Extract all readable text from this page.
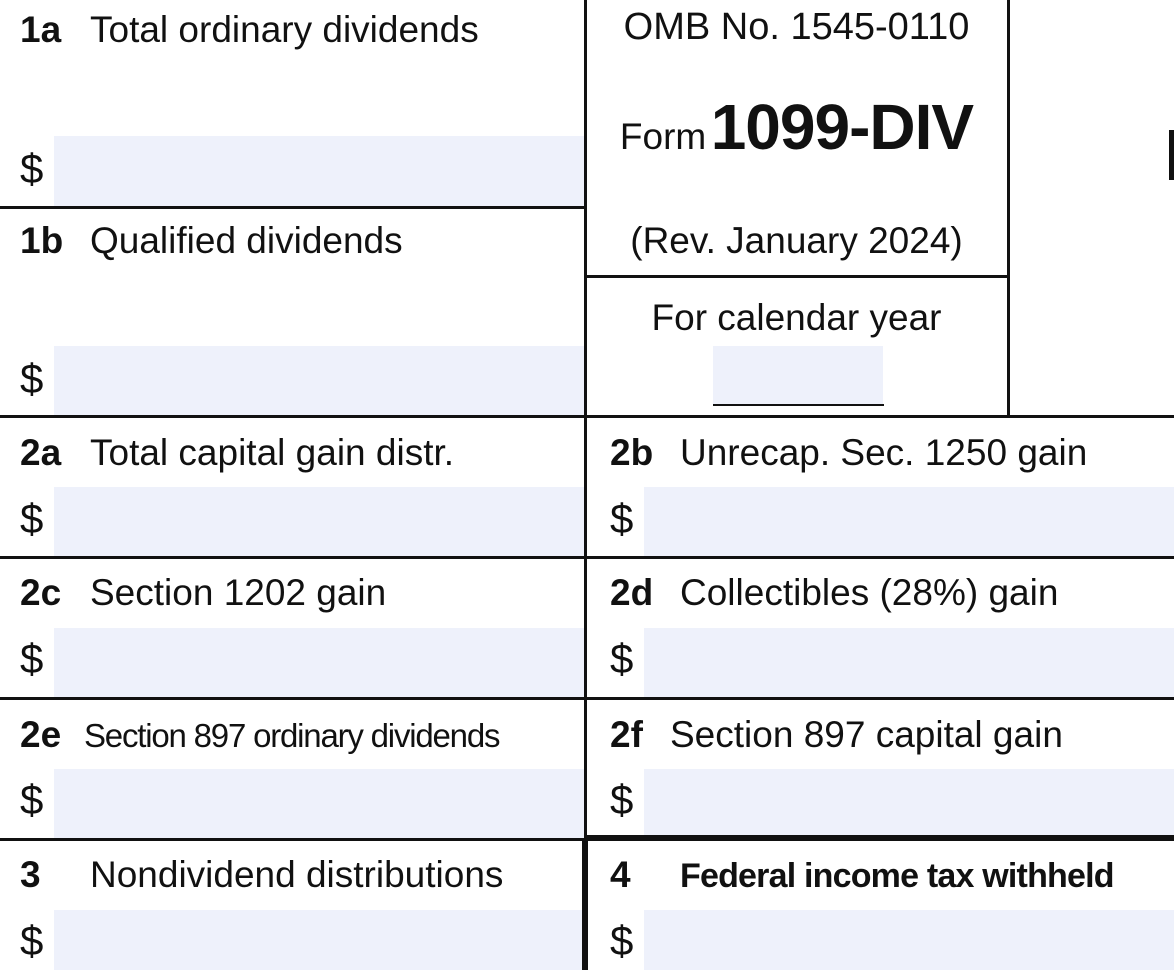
OMB No. 1545-0110
Form 1099-DIV
(Rev. January 2024)
For calendar year
1a Total ordinary dividends
$
1b Qualified dividends
$
2a Total capital gain distr.
$
2b Unrecap. Sec. 1250 gain
$
2c Section 1202 gain
$
2d Collectibles (28%) gain
$
2e Section 897 ordinary dividends
$
2f Section 897 capital gain
$
3 Nondividend distributions
$
4 Federal income tax withheld
$
